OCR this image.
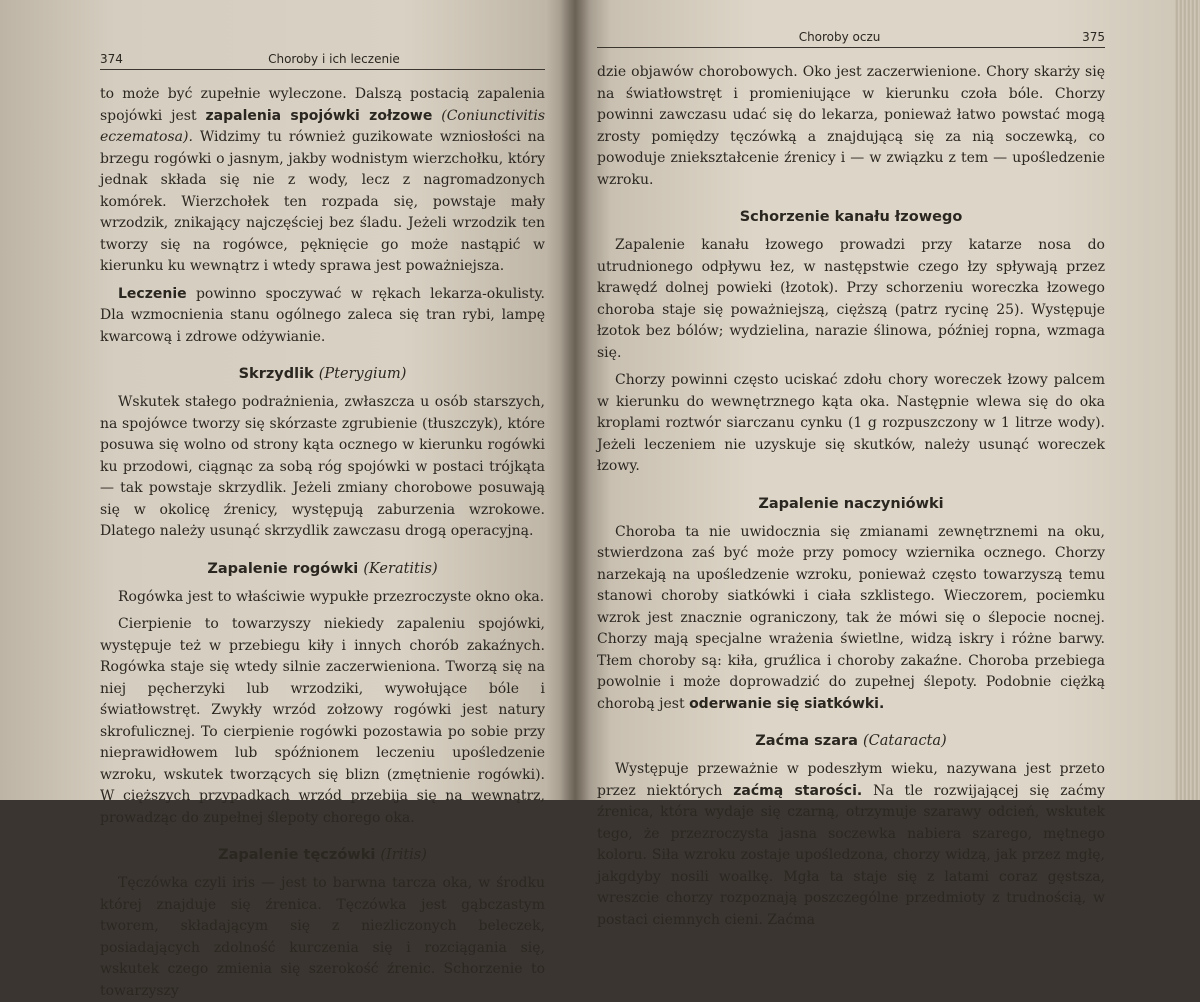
374	Choroby i ich leczenie

to może być zupełnie wyleczone. Dalszą postacią zapalenia spojówki jest zapalenia spojówki zołzowe (Coniunctivitis eczematosa). Widzimy tu również guzikowate wzniosłości na brzegu rogówki o jasnym, jakby wodnistym wierzchołku, który jednak składa się nie z wody, lecz z nagromadzonych komórek. Wierzchołek ten rozpada się, powstaje mały wrzodzik, znikający najczęściej bez śladu. Jeżeli wrzodzik ten tworzy się na rogówce, pęknięcie go może nastąpić w kierunku ku wewnątrz i wtedy sprawa jest poważniejsza.

Leczenie powinno spoczywać w rękach lekarza-okulisty. Dla wzmocnienia stanu ogólnego zaleca się tran rybi, lampę kwarcową i zdrowe odżywianie.

Skrzydlik (Pterygium)

Wskutek stałego podrażnienia, zwłaszcza u osób starszych, na spojówce tworzy się skórzaste zgrubienie (tłuszczyk), które posuwa się wolno od strony kąta ocznego w kierunku rogówki ku przodowi, ciągnąc za sobą róg spojówki w postaci trójkąta — tak powstaje skrzydlik. Jeżeli zmiany chorobowe posuwają się w okolicę źrenicy, występują zaburzenia wzrokowe. Dlatego należy usunąć skrzydlik zawczasu drogą operacyjną.

Zapalenie rogówki (Keratitis)

Rogówka jest to właściwie wypukłe przezroczyste okno oka.

Cierpienie to towarzyszy niekiedy zapaleniu spojówki, występuje też w przebiegu kiły i innych chorób zakaźnych. Rogówka staje się wtedy silnie zaczerwieniona. Tworzą się na niej pęcherzyki lub wrzodziki, wywołujące bóle i światłowstręt. Zwykły wrzód zołzowy rogówki jest natury skrofulicznej. To cierpienie rogówki pozostawia po sobie przy nieprawidłowem lub spóźnionem leczeniu upośledzenie wzroku, wskutek tworzących się blizn (zmętnienie rogówki). W cięższych przypadkach wrzód przebija się na wewnątrz, prowadząc do zupełnej ślepoty chorego oka.

Zapalenie tęczówki (Iritis)

Tęczówka czyli iris — jest to barwna tarcza oka, w środku której znajduje się źrenica. Tęczówka jest gąbczastym tworem, składającym się z niezliczonych beleczek, posiadających zdolność kurczenia się i rozciągania się, wskutek czego zmienia się szerokość źrenic. Schorzenie to towarzyszy

Choroby oczu	375

dzie objawów chorobowych. Oko jest zaczerwienione. Chory skarży się na światłowstręt i promieniujące w kierunku czoła bóle. Chorzy powinni zawczasu udać się do lekarza, ponieważ łatwo powstać mogą zrosty pomiędzy tęczówką a znajdującą się za nią soczewką, co powoduje zniekształcenie źrenicy i — w związku z tem — upośledzenie wzroku.

Schorzenie kanału łzowego

Zapalenie kanału łzowego prowadzi przy katarze nosa do utrudnionego odpływu łez, w następstwie czego łzy spływają przez krawędź dolnej powieki (łzotok). Przy schorzeniu woreczka łzowego choroba staje się poważniejszą, cięższą (patrz rycinę 25). Występuje łzotok bez bólów; wydzielina, narazie ślinowa, później ropna, wzmaga się.

Chorzy powinni często uciskać zdołu chory woreczek łzowy palcem w kierunku do wewnętrznego kąta oka. Następnie wlewa się do oka kroplami roztwór siarczanu cynku (1 g rozpuszczony w 1 litrze wody). Jeżeli leczeniem nie uzyskuje się skutków, należy usunąć woreczek łzowy.

Zapalenie naczyniówki

Choroba ta nie uwidocznia się zmianami zewnętrznemi na oku, stwierdzona zaś być może przy pomocy wziernika ocznego. Chorzy narzekają na upośledzenie wzroku, ponieważ często towarzyszą temu stanowi choroby siatkówki i ciała szklistego. Wieczorem, pociemku wzrok jest znacznie ograniczony, tak że mówi się o ślepocie nocnej. Chorzy mają specjalne wrażenia świetlne, widzą iskry i różne barwy. Tłem choroby są: kiła, gruźlica i choroby zakaźne. Choroba przebiega powolnie i może doprowadzić do zupełnej ślepoty. Podobnie ciężką chorobą jest oderwanie się siatkówki.

Zaćma szara (Cataracta)

Występuje przeważnie w podeszłym wieku, nazywana jest przeto przez niektórych zaćmą starości. Na tle rozwijającej się zaćmy źrenica, która wydaje się czarną, otrzymuje szarawy odcień, wskutek tego, że przezroczysta jasna soczewka nabiera szarego, mętnego koloru. Siła wzroku zostaje upośledzona, chorzy widzą, jak przez mgłę, jakgdyby nosili woalkę. Mgła ta staje się z latami coraz gęstsza, wreszcie chorzy rozpoznają poszczególne przedmioty z trudnością, w postaci ciemnych cieni. Zaćma
